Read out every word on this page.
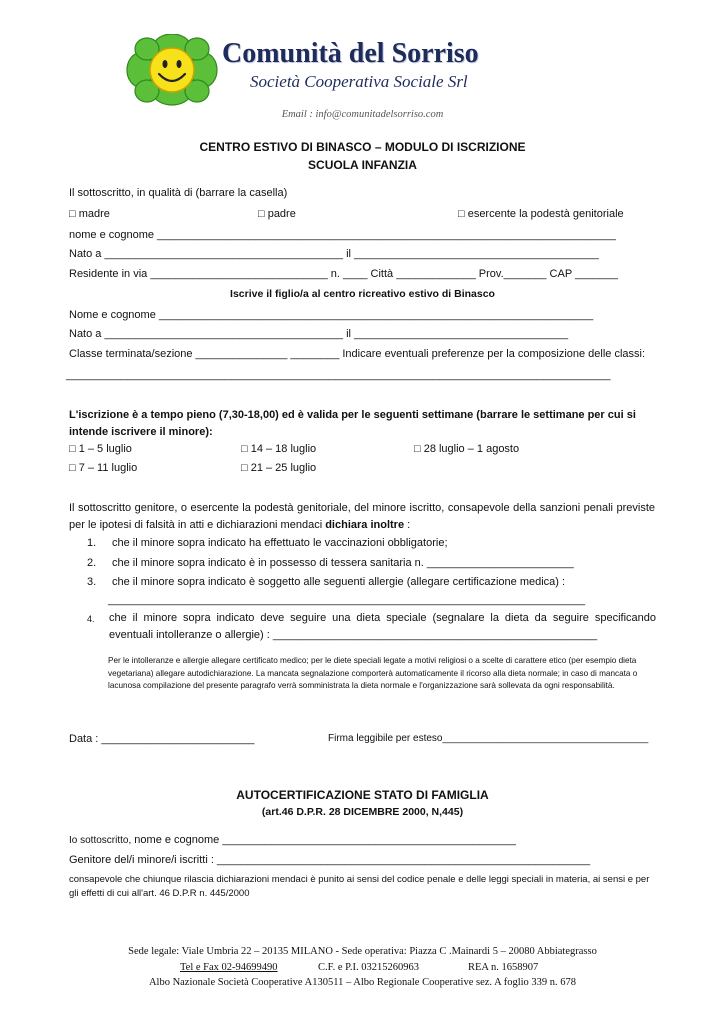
Comunità del Sorriso
Società Cooperativa Sociale Srl
Email : info@comunitadelsorriso.com
CENTRO ESTIVO DI BINASCO – MODULO DI ISCRIZIONE
SCUOLA INFANZIA
Il sottoscritto, in qualità di (barrare la casella)
□ madre	□ padre	□ esercente la podestà genitoriale
nome e cognome ___________________________________________________________________________
Nato a _______________________________________ il ________________________________________
Residente in via _____________________________ n. ____ Città _____________ Prov._______ CAP _______
Iscrive il figlio/a al centro ricreativo estivo di Binasco
Nome e cognome _______________________________________________________________________
Nato a _______________________________________ il ___________________________________
Classe terminata/sezione _______________ ________ Indicare eventuali preferenze per la composizione delle classi:
_________________________________________________________________________________________
L'iscrizione è a tempo pieno (7,30-18,00) ed è valida per le seguenti settimane (barrare le settimane per cui si intende iscrivere il minore):
□ 1 – 5 luglio	□ 14 – 18 luglio	□ 28 luglio – 1 agosto
□ 7 – 11 luglio	□ 21 – 25 luglio
Il sottoscritto genitore, o esercente la podestà genitoriale, del minore iscritto, consapevole della sanzioni penali previste per le ipotesi di falsità in atti e dichiarazioni mendaci dichiara inoltre :
1. che il minore sopra indicato ha effettuato le vaccinazioni obbligatorie;
2. che il minore sopra indicato è in possesso di tessera sanitaria n. ________________________
3. che il minore sopra indicato è soggetto alle seguenti allergie (allegare certificazione medica) :
______________________________________________________________________________
4. che il minore sopra indicato deve seguire una dieta speciale (segnalare la dieta da seguire specificando eventuali intolleranze o allergie) : _____________________________________________________
Per le intolleranze e allergie allegare certificato medico; per le diete speciali legate a motivi religiosi o a scelte di carattere etico (per esempio dieta vegetariana) allegare autodichiarazione. La mancata segnalazione comporterà automaticamente il ricorso alla dieta normale; in caso di mancata o lacunosa compilazione del presente paragrafo verrà somministrata la dieta normale e l'organizzazione sarà sollevata da ogni responsabilità.
Data : _________________________	Firma leggibile per esteso_____________________________________
AUTOCERTIFICAZIONE STATO DI FAMIGLIA
(art.46 D.P.R. 28 DICEMBRE 2000, N,445)
Io sottoscritto, nome e cognome ________________________________________________
Genitore del/i minore/i iscritti : _____________________________________________________________
consapevole che chiunque rilascia dichiarazioni mendaci è punito ai sensi del codice penale e delle leggi speciali in materia, ai sensi e per gli effetti di cui all'art. 46 D.P.R n. 445/2000
Sede legale: Viale Umbria 22 – 20135 MILANO - Sede operativa: Piazza C .Mainardi 5 – 20080 Abbiategrasso
Tel e Fax 02-94699490	C.F. e P.I. 03215260963	REA n. 1658907
Albo Nazionale Società Cooperative A130511 – Albo Regionale Cooperative sez. A foglio 339 n. 678
